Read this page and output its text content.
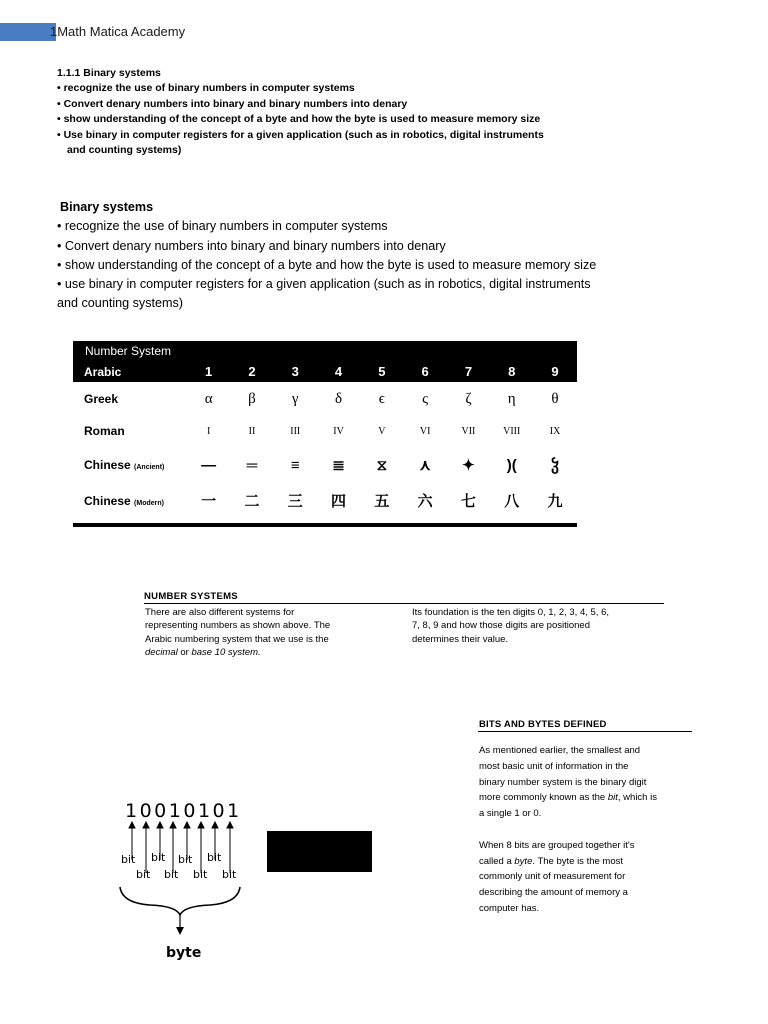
1Math Matica Academy
1.1.1 Binary systems
• recognize the use of binary numbers in computer systems
• Convert denary numbers into binary and binary numbers into denary
• show understanding of the concept of a byte and how the byte is used to measure memory size
• Use binary in computer registers for a given application (such as in robotics, digital instruments
and counting systems)
Binary systems
• recognize the use of binary numbers in computer systems
• Convert denary numbers into binary and binary numbers into denary
• show understanding of the concept of a byte and how the byte is used to measure memory size
• use binary in computer registers for a given application (such as in robotics, digital instruments
and counting systems)
Number System
Arabic	1	2	3	4	5	6	7	8	9
Greek	α	β	γ	δ	ϵ	ς	ζ	η	θ
Roman	I	II	III	IV	V	VI	VII	VIII	IX
Chinese (Ancient)	—	═	≡	≣	⧖	⋏	✦	)(	ჴ
Chinese (Modern)	一	二	三	四	五	六	七	八	九
NUMBER SYSTEMS
There are also different systems for
representing numbers as shown above. The
Arabic numbering system that we use is the
decimal or base 10 system.
Its foundation is the ten digits 0, 1, 2, 3, 4, 5, 6,
7, 8, 9 and how those digits are positioned
determines their value.
BITS AND BYTES DEFINED
As mentioned earlier, the smallest and
most basic unit of information in the
binary number system is the binary digit
more commonly known as the bit, which is
a single 1 or 0.
When 8 bits are grouped together it's
called a byte. The byte is the most
commonly unit of measurement for
describing the amount of memory a
computer has.
10010101
bit bit bit bit
bit bit bit bit
byte
